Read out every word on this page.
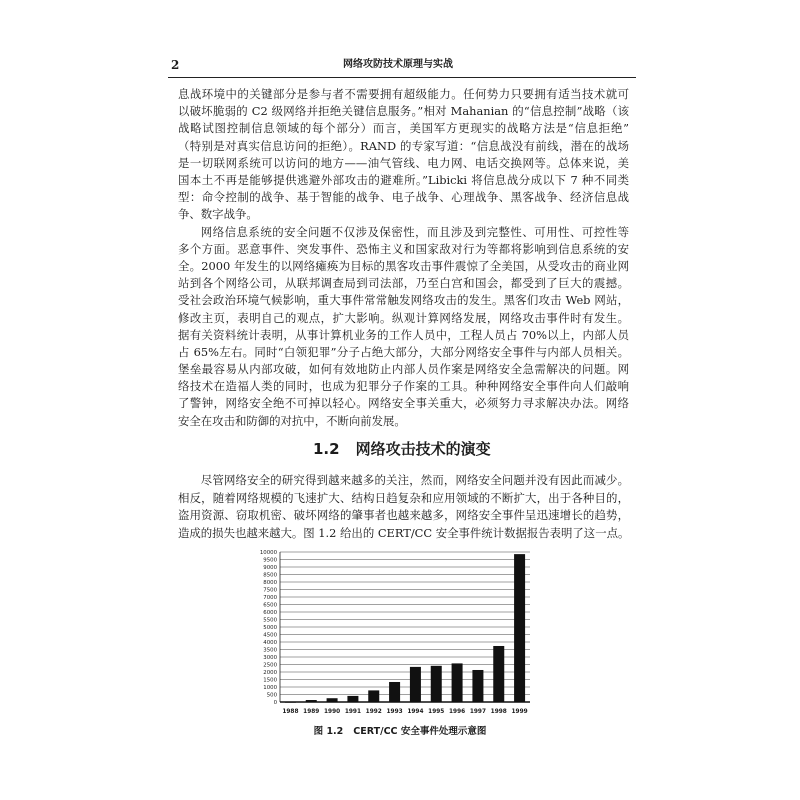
2	网络攻防技术原理与实战
息战环境中的关键部分是参与者不需要拥有超级能力。任何势力只要拥有适当技术就可
以破坏脆弱的 C2 级网络并拒绝关键信息服务。”相对 Mahanian 的“信息控制”战略（该
战略试图控制信息领域的每个部分）而言，美国军方更现实的战略方法是“信息拒绝”
（特别是对真实信息访问的拒绝）。RAND 的专家写道：“信息战没有前线，潜在的战场
是一切联网系统可以访问的地方——油气管线、电力网、电话交换网等。总体来说，美
国本土不再是能够提供逃避外部攻击的避难所。”Libicki 将信息战分成以下 7 种不同类
型：命令控制的战争、基于智能的战争、电子战争、心理战争、黑客战争、经济信息战
争、数字战争。
网络信息系统的安全问题不仅涉及保密性，而且涉及到完整性、可用性、可控性等
多个方面。恶意事件、突发事件、恐怖主义和国家敌对行为等都将影响到信息系统的安
全。2000 年发生的以网络瘫痪为目标的黑客攻击事件震惊了全美国，从受攻击的商业网
站到各个网络公司，从联邦调查局到司法部，乃至白宫和国会，都受到了巨大的震撼。
受社会政治环境气候影响，重大事件常常触发网络攻击的发生。黑客们攻击 Web 网站，
修改主页，表明自己的观点，扩大影响。纵观计算网络发展，网络攻击事件时有发生。
据有关资料统计表明，从事计算机业务的工作人员中，工程人员占 70%以上，内部人员
占 65%左右。同时“白领犯罪”分子占绝大部分，大部分网络安全事件与内部人员相关。
堡垒最容易从内部攻破，如何有效地防止内部人员作案是网络安全急需解决的问题。网
络技术在造福人类的同时，也成为犯罪分子作案的工具。种种网络安全事件向人们敲响
了警钟，网络安全绝不可掉以轻心。网络安全事关重大，必须努力寻求解决办法。网络
安全在攻击和防御的对抗中，不断向前发展。
1.2 网络攻击技术的演变
尽管网络安全的研究得到越来越多的关注，然而，网络安全问题并没有因此而减少。
相反，随着网络规模的飞速扩大、结构日趋复杂和应用领域的不断扩大，出于各种目的，
盗用资源、窃取机密、破坏网络的肇事者也越来越多，网络安全事件呈迅速增长的趋势，
造成的损失也越来越大。图 1.2 给出的 CERT/CC 安全事件统计数据报告表明了这一点。
0
500
1000
1500
2000
2500
3000
3500
4000
4500
5000
5500
6000
6500
7000
7500
8000
8500
9000
9500
10000
1988 1989 1990 1991 1992 1993 1994 1995 1996 1997 1998 1999
图 1.2 CERT/CC 安全事件处理示意图
